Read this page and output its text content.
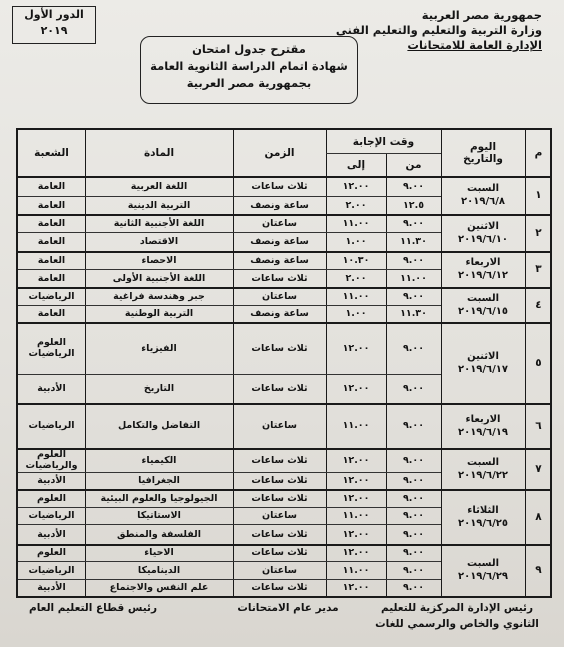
جمهورية مصر العربية
وزارة التربية والتعليم والتعليم الفني
الإدارة العامة للامتحانات
الدور الأول
٢٠١٩
مقترح جدول امتحان
شهادة اتمام الدراسة الثانوية العامة
بجمهورية مصر العربية
م
اليوم
والتاريخ
وقت الإجابة
من
إلى
الزمن
المادة
الشعبة
٩.٠٠
١٢.٠٠
ثلاث ساعات
اللغة العربية
العامة
١٢.٥
٢.٠٠
ساعة ونصف
التربية الدينية
العامة
٩.٠٠
١١.٠٠
ساعتان
اللغة الأجنبية الثانية
العامة
١١.٣٠
١.٠٠
ساعة ونصف
الاقتصاد
العامة
٩.٠٠
١٠.٣٠
ساعة ونصف
الاحصاء
العامة
١١.٠٠
٢.٠٠
ثلاث ساعات
اللغة الأجنبية الأولى
العامة
٩.٠٠
١١.٠٠
ساعتان
جبر وهندسة فراغية
الرياضيات
١١.٣٠
١.٠٠
ساعة ونصف
التربية الوطنية
العامة
٩.٠٠
١٢.٠٠
ثلاث ساعات
الفيزياء
العلوم
الرياضيات
٩.٠٠
١٢.٠٠
ثلاث ساعات
التاريخ
الأدبية
٩.٠٠
١١.٠٠
ساعتان
التفاضل والتكامل
الرياضيات
٩.٠٠
١٢.٠٠
ثلاث ساعات
الكيمياء
العلوم
والرياضيات
٩.٠٠
١٢.٠٠
ثلاث ساعات
الجغرافيا
الأدبية
٩.٠٠
١٢.٠٠
ثلاث ساعات
الجيولوجيا والعلوم البيئية
العلوم
٩.٠٠
١١.٠٠
ساعتان
الاستاتيكا
الرياضيات
٩.٠٠
١٢.٠٠
ثلاث ساعات
الفلسفة والمنطق
الأدبية
٩.٠٠
١٢.٠٠
ثلاث ساعات
الاحياء
العلوم
٩.٠٠
١١.٠٠
ساعتان
الديناميكا
الرياضيات
٩.٠٠
١٢.٠٠
ثلاث ساعات
علم النفس والاجتماع
الأدبية
١
السبت
٢٠١٩/٦/٨
٢
الاثنين
٢٠١٩/٦/١٠
٣
الاربعاء
٢٠١٩/٦/١٢
٤
السبت
٢٠١٩/٦/١٥
٥
الاثنين
٢٠١٩/٦/١٧
٦
الاربعاء
٢٠١٩/٦/١٩
٧
السبت
٢٠١٩/٦/٢٢
٨
الثلاثاء
٢٠١٩/٦/٢٥
٩
السبت
٢٠١٩/٦/٢٩
رئيس الإدارة المركزية للتعليم الثانوي والخاص والرسمي للغات
مدير عام الامتحانات
رئيس قطاع التعليم العام
